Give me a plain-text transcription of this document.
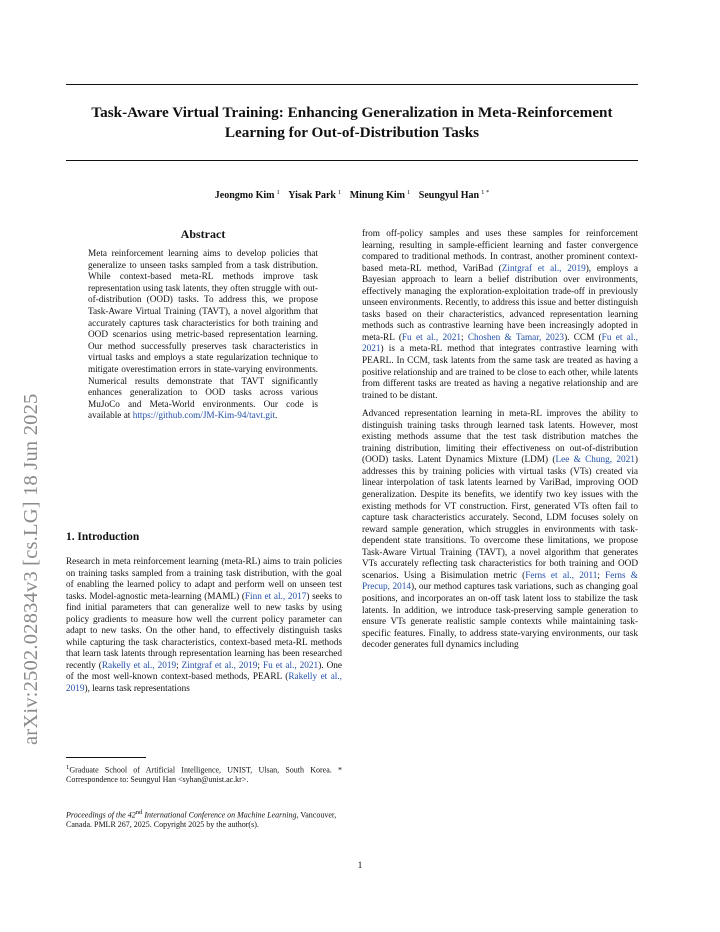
arXiv:2502.02834v3 [cs.LG] 18 Jun 2025
Task-Aware Virtual Training: Enhancing Generalization in Meta-Reinforcement Learning for Out-of-Distribution Tasks
Jeongmo Kim $^1$ Yisak Park $^1$ Minung Kim $^1$ Seungyul Han $^{1 *}$
Abstract
Meta reinforcement learning aims to develop policies that generalize to unseen tasks sampled from a task distribution. While context-based meta-RL methods improve task representation using task latents, they often struggle with out-of-distribution (OOD) tasks. To address this, we propose Task-Aware Virtual Training (TAVT), a novel algorithm that accurately captures task characteristics for both training and OOD scenarios using metric-based representation learning. Our method successfully preserves task characteristics in virtual tasks and employs a state regularization technique to mitigate overestimation errors in state-varying environments. Numerical results demonstrate that TAVT significantly enhances generalization to OOD tasks across various MuJoCo and Meta-World environments. Our code is available at https://github.com/JM-Kim-94/tavt.git.
1. Introduction
Research in meta reinforcement learning (meta-RL) aims to train policies on training tasks sampled from a training task distribution, with the goal of enabling the learned policy to adapt and perform well on unseen test tasks. Model-agnostic meta-learning (MAML) (Finn et al., 2017) seeks to find initial parameters that can generalize well to new tasks by using policy gradients to measure how well the current policy parameter can adapt to new tasks. On the other hand, to effectively distinguish tasks while capturing the task characteristics, context-based meta-RL methods that learn task latents through representation learning has been researched recently (Rakelly et al., 2019; Zintgraf et al., 2019; Fu et al., 2021). One of the most well-known context-based methods, PEARL (Rakelly et al., 2019), learns task representations
$^1$Graduate School of Artificial Intelligence, UNIST, Ulsan, South Korea. * Correspondence to: Seungyul Han <syhan@unist.ac.kr>.
Proceedings of the 42nd International Conference on Machine Learning, Vancouver, Canada. PMLR 267, 2025. Copyright 2025 by the author(s).

from off-policy samples and uses these samples for reinforcement learning, resulting in sample-efficient learning and faster convergence compared to traditional methods. In contrast, another prominent context-based meta-RL method, VariBad (Zintgraf et al., 2019), employs a Bayesian approach to learn a belief distribution over environments, effectively managing the exploration-exploitation trade-off in previously unseen environments. Recently, to address this issue and better distinguish tasks based on their characteristics, advanced representation learning methods such as contrastive learning have been increasingly adopted in meta-RL (Fu et al., 2021; Choshen & Tamar, 2023). CCM (Fu et al., 2021) is a meta-RL method that integrates contrastive learning with PEARL. In CCM, task latents from the same task are treated as having a positive relationship and are trained to be close to each other, while latents from different tasks are treated as having a negative relationship and are trained to be distant.

Advanced representation learning in meta-RL improves the ability to distinguish training tasks through learned task latents. However, most existing methods assume that the test task distribution matches the training distribution, limiting their effectiveness on out-of-distribution (OOD) tasks. Latent Dynamics Mixture (LDM) (Lee & Chung, 2021) addresses this by training policies with virtual tasks (VTs) created via linear interpolation of task latents learned by VariBad, improving OOD generalization. Despite its benefits, we identify two key issues with the existing methods for VT construction. First, generated VTs often fail to capture task characteristics accurately. Second, LDM focuses solely on reward sample generation, which struggles in environments with task-dependent state transitions. To overcome these limitations, we propose Task-Aware Virtual Training (TAVT), a novel algorithm that generates VTs accurately reflecting task characteristics for both training and OOD scenarios. Using a Bisimulation metric (Ferns et al., 2011; Ferns & Precup, 2014), our method captures task variations, such as changing goal positions, and incorporates an on-off task latent loss to stabilize the task latents. In addition, we introduce task-preserving sample generation to ensure VTs generate realistic sample contexts while maintaining task-specific features. Finally, to address state-varying environments, our task decoder generates full dynamics including

1
